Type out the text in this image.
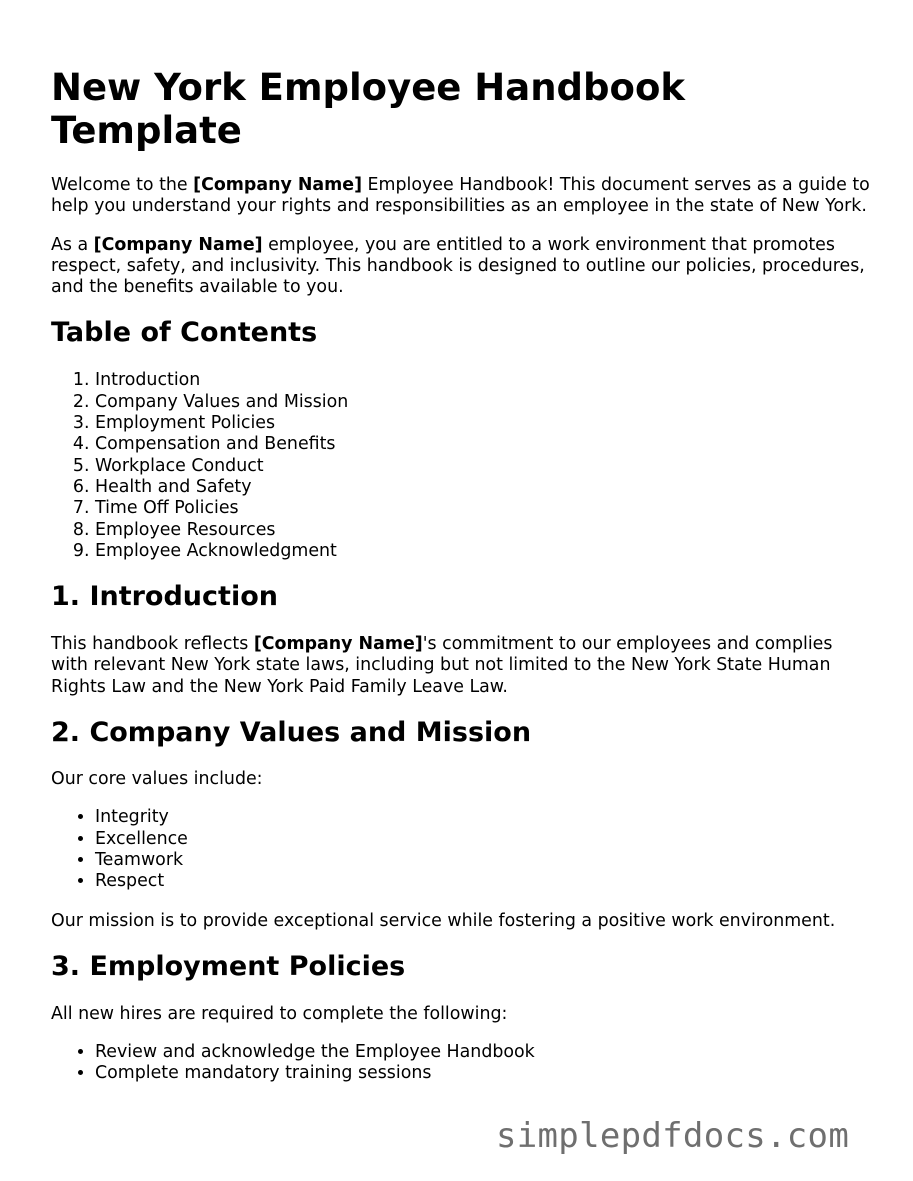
New York Employee Handbook Template

Welcome to the [Company Name] Employee Handbook! This document serves as a guide to help you understand your rights and responsibilities as an employee in the state of New York.

As a [Company Name] employee, you are entitled to a work environment that promotes respect, safety, and inclusivity. This handbook is designed to outline our policies, procedures, and the benefits available to you.

Table of Contents
1. Introduction
2. Company Values and Mission
3. Employment Policies
4. Compensation and Benefits
5. Workplace Conduct
6. Health and Safety
7. Time Off Policies
8. Employee Resources
9. Employee Acknowledgment
1. Introduction

This handbook reflects [Company Name]'s commitment to our employees and complies with relevant New York state laws, including but not limited to the New York State Human Rights Law and the New York Paid Family Leave Law.

2. Company Values and Mission

Our core values include:

• Integrity
• Excellence
• Teamwork
• Respect

Our mission is to provide exceptional service while fostering a positive work environment.

3. Employment Policies

All new hires are required to complete the following:

• Review and acknowledge the Employee Handbook
• Complete mandatory training sessions
simplepdfdocs.com
